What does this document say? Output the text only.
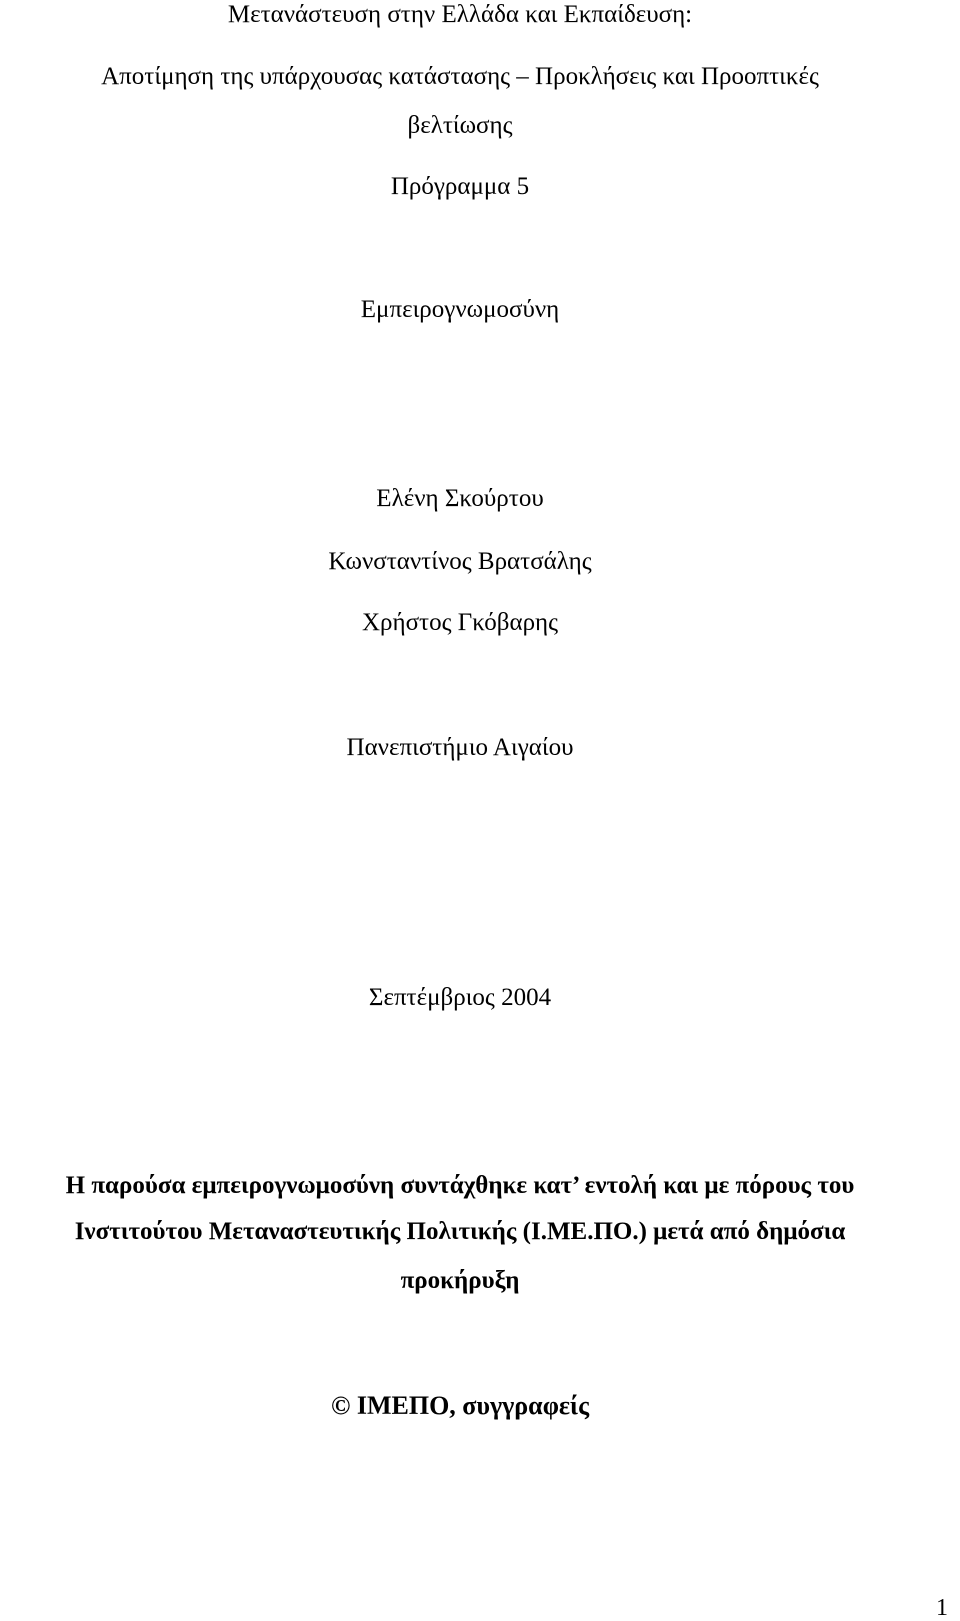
Μετανάστευση στην Ελλάδα και Εκπαίδευση:
Αποτίμηση της υπάρχουσας κατάστασης – Προκλήσεις και Προοπτικές
βελτίωσης
Πρόγραμμα 5
Εμπειρογνωμοσύνη
Ελένη Σκούρτου
Κωνσταντίνος Βρατσάλης
Χρήστος Γκόβαρης
Πανεπιστήμιο Αιγαίου
Σεπτέμβριος 2004
Η παρούσα εμπειρογνωμοσύνη συντάχθηκε κατ’ εντολή και με πόρους του
Ινστιτούτου Μεταναστευτικής Πολιτικής (Ι.ΜΕ.ΠΟ.) μετά από δημόσια
προκήρυξη
© ΙΜΕΠΟ, συγγραφείς
1
